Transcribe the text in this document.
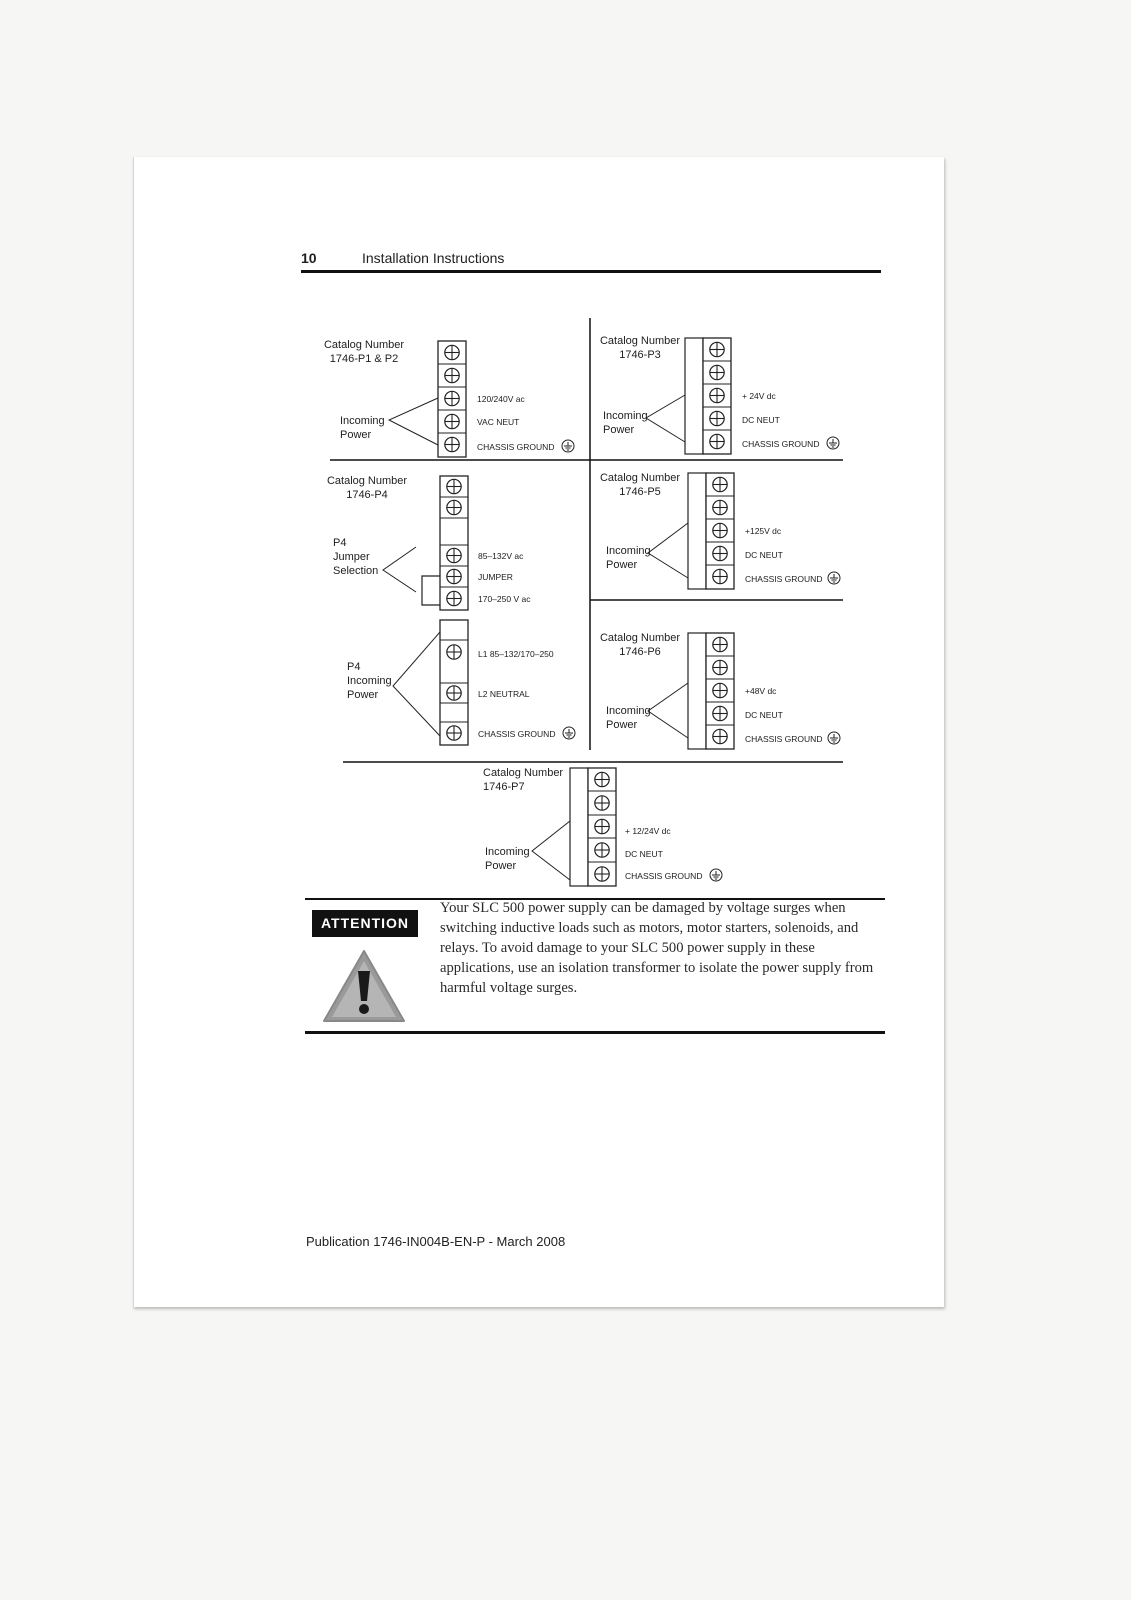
10	Installation Instructions
Catalog Number
1746-P1 & P2
Incoming
Power
120/240V ac
VAC NEUT
CHASSIS GROUND
Catalog Number
1746-P3
Incoming
Power
+ 24V dc
DC NEUT
CHASSIS GROUND
Catalog Number
1746-P4
P4
Jumper
Selection
85–132V ac
JUMPER
170–250 V ac
P4
Incoming
Power
L1 85–132/170–250
L2 NEUTRAL
CHASSIS GROUND
Catalog Number
1746-P5
Incoming
Power
+125V dc
DC NEUT
CHASSIS GROUND
Catalog Number
1746-P6
Incoming
Power
+48V dc
DC NEUT
CHASSIS GROUND
Catalog Number
1746-P7
Incoming
Power
+ 12/24V dc
DC NEUT
CHASSIS GROUND
ATTENTION

Your SLC 500 power supply can be damaged by voltage surges when switching inductive loads such as motors, motor starters, solenoids, and relays. To avoid damage to your SLC 500 power supply in these applications, use an isolation transformer to isolate the power supply from harmful voltage surges.

Publication 1746-IN004B-EN-P - March 2008
